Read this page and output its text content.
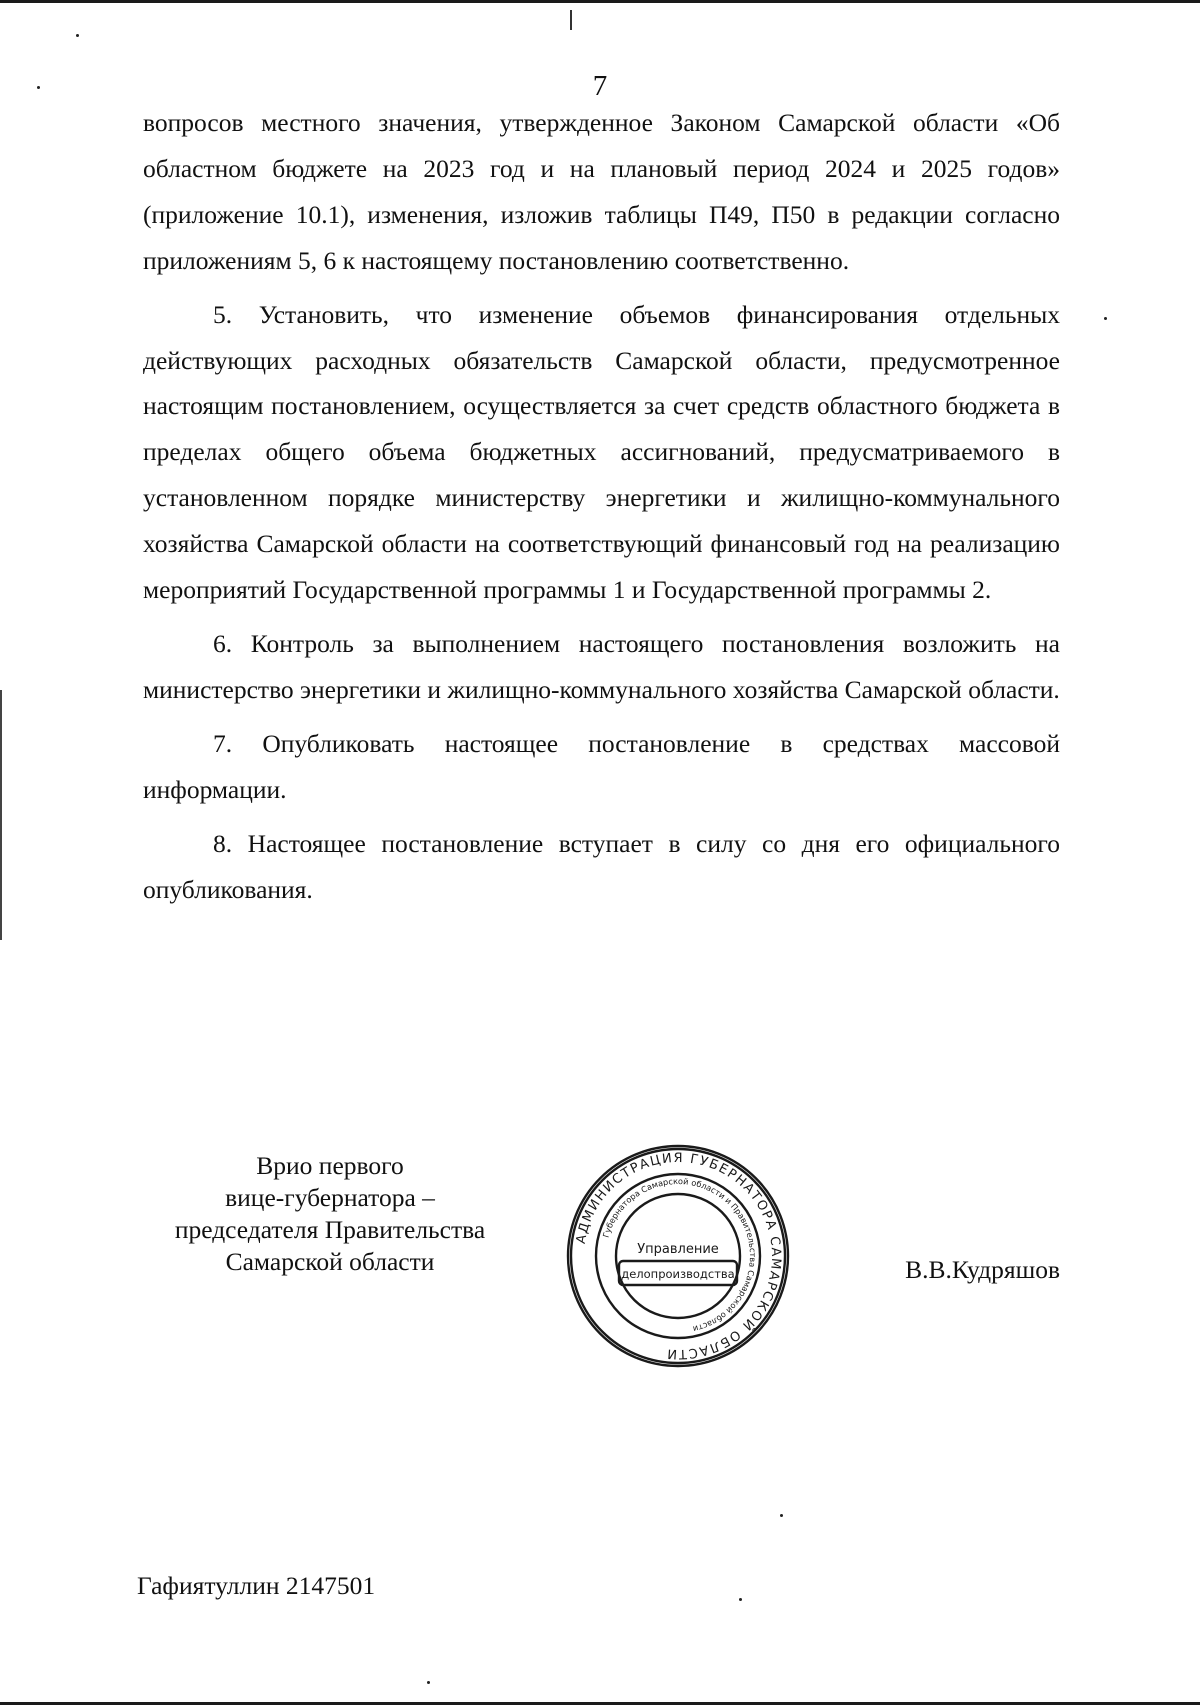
7

вопросов местного значения, утвержденное Законом Самарской области «Об областном бюджете на 2023 год и на плановый период 2024 и 2025 годов» (приложение 10.1), изменения, изложив таблицы П49, П50 в редакции согласно приложениям 5, 6 к настоящему постановлению соответственно.

5. Установить, что изменение объемов финансирования отдельных действующих расходных обязательств Самарской области, предусмотренное настоящим постановлением, осуществляется за счет средств областного бюджета в пределах общего объема бюджетных ассигнований, предусматриваемого в установленном порядке министерству энергетики и жилищно-коммунального хозяйства Самарской области на соответствующий финансовый год на реализацию мероприятий Государственной программы 1 и Государственной программы 2.

6. Контроль за выполнением настоящего постановления возложить на министерство энергетики и жилищно-коммунального хозяйства Самарской области.

7. Опубликовать настоящее постановление в средствах массовой информации.

8. Настоящее постановление вступает в силу со дня его официального опубликования.

Врио первого
вице-губернатора –
председателя Правительства
Самарской области
АДМИНИСТРАЦИЯ ГУБЕРНАТОРА САМАРСКОЙ ОБЛАСТИ
Губернатора Самарской области и Правительства Самарской области
Управление
делопроизводства	В.В.Кудряшов
Гафиятуллин 2147501
